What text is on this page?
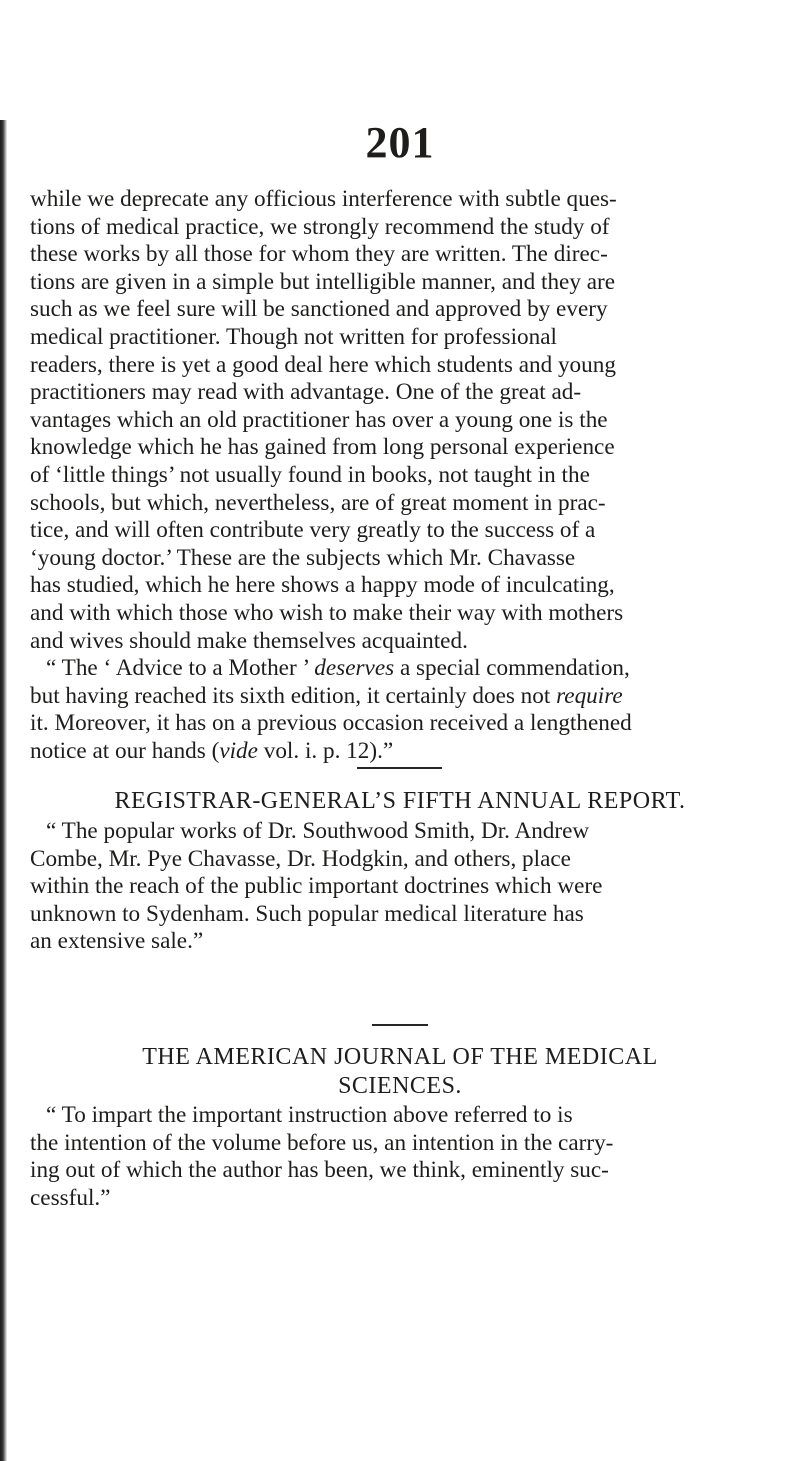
201

while we deprecate any officious interference with subtle ques-

tions of medical practice, we strongly recommend the study of

these works by all those for whom they are written. The direc-

tions are given in a simple but intelligible manner, and they are

such as we feel sure will be sanctioned and approved by every

medical practitioner. Though not written for professional

readers, there is yet a good deal here which students and young

practitioners may read with advantage. One of the great ad-

vantages which an old practitioner has over a young one is the

knowledge which he has gained from long personal experience

of ‘little things’ not usually found in books, not taught in the

schools, but which, nevertheless, are of great moment in prac-

tice, and will often contribute very greatly to the success of a

‘young doctor.’ These are the subjects which Mr. Chavasse

has studied, which he here shows a happy mode of inculcating,

and with which those who wish to make their way with mothers

and wives should make themselves acquainted.

“ The ‘ Advice to a Mother ’ deserves a special commendation,

but having reached its sixth edition, it certainly does not require

it. Moreover, it has on a previous occasion received a lengthened

notice at our hands (vide vol. i. p. 12).”

REGISTRAR-GENERAL’S FIFTH ANNUAL REPORT.

“ The popular works of Dr. Southwood Smith, Dr. Andrew

Combe, Mr. Pye Chavasse, Dr. Hodgkin, and others, place

within the reach of the public important doctrines which were

unknown to Sydenham. Such popular medical literature has

an extensive sale.”

THE AMERICAN JOURNAL OF THE MEDICAL
SCIENCES.

“ To impart the important instruction above referred to is

the intention of the volume before us, an intention in the carry-

ing out of which the author has been, we think, eminently suc-

cessful.”
